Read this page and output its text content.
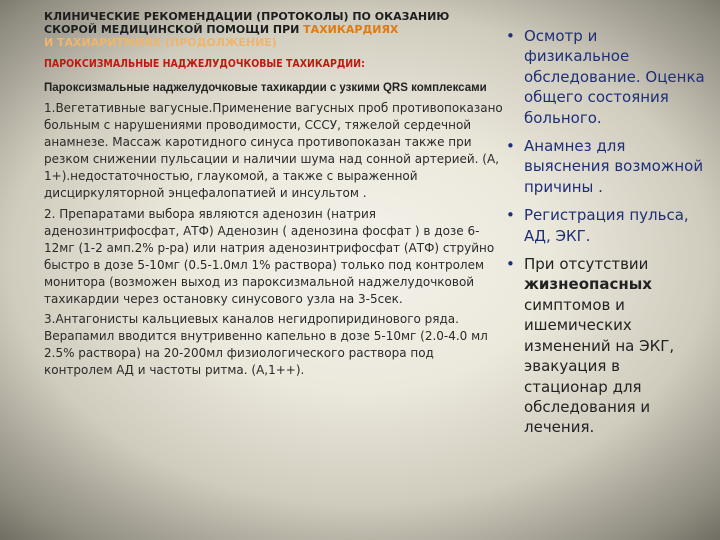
КЛИНИЧЕСКИЕ РЕКОМЕНДАЦИИ (ПРОТОКОЛЫ) ПО ОКАЗАНИЮ СКОРОЙ МЕДИЦИНСКОЙ ПОМОЩИ ПРИ ТАХИКАРДИЯХ
И ТАХИАРИТМИЯХ (ПРОДОЛЖЕНИЕ)
ПАРОКСИЗМАЛЬНЫЕ НАДЖЕЛУДОЧКОВЫЕ ТАХИКАРДИИ:
Пароксизмальные наджелудочковые тахикардии с узкими QRS комплексами

1.Вегетативные вагусные.Применение вагусных проб противопоказано больным с нарушениями проводимости, СССУ, тяжелой сердечной анамнезе. Массаж каротидного синуса противопоказан также при резком снижении пульсации и наличии шума над сонной артерией. (А, 1+).недостаточностью, глаукомой, а также с выраженной дисциркуляторной энцефалопатией и инсультом .

2. Препаратами выбора являются аденозин (натрия аденозинтрифосфат, АТФ) Аденозин ( аденозина фосфат ) в дозе 6-12мг (1-2 амп.2% р-ра) или натрия аденозинтрифосфат (АТФ) струйно быстро в дозе 5-10мг (0.5-1.0мл 1% раствора) только под контролем монитора (возможен выход из пароксизмальной наджелудочковой тахикардии через остановку синусового узла на 3-5сек.

3.Антагонисты кальциевых каналов негидропиридинового ряда. Верапамил вводится внутривенно капельно в дозе 5-10мг (2.0-4.0 мл 2.5% раствора) на 20-200мл физиологического раствора под контролем АД и частоты ритма. (А,1++).

• Осмотр и физикальное обследование. Оценка общего состояния больного.
• Анамнез для выяснения возможной причины .
• Регистрация пульса, АД, ЭКГ.
• При отсутствии жизнеопасных симптомов и ишемических изменений на ЭКГ, эвакуация в стационар для обследования и лечения.
